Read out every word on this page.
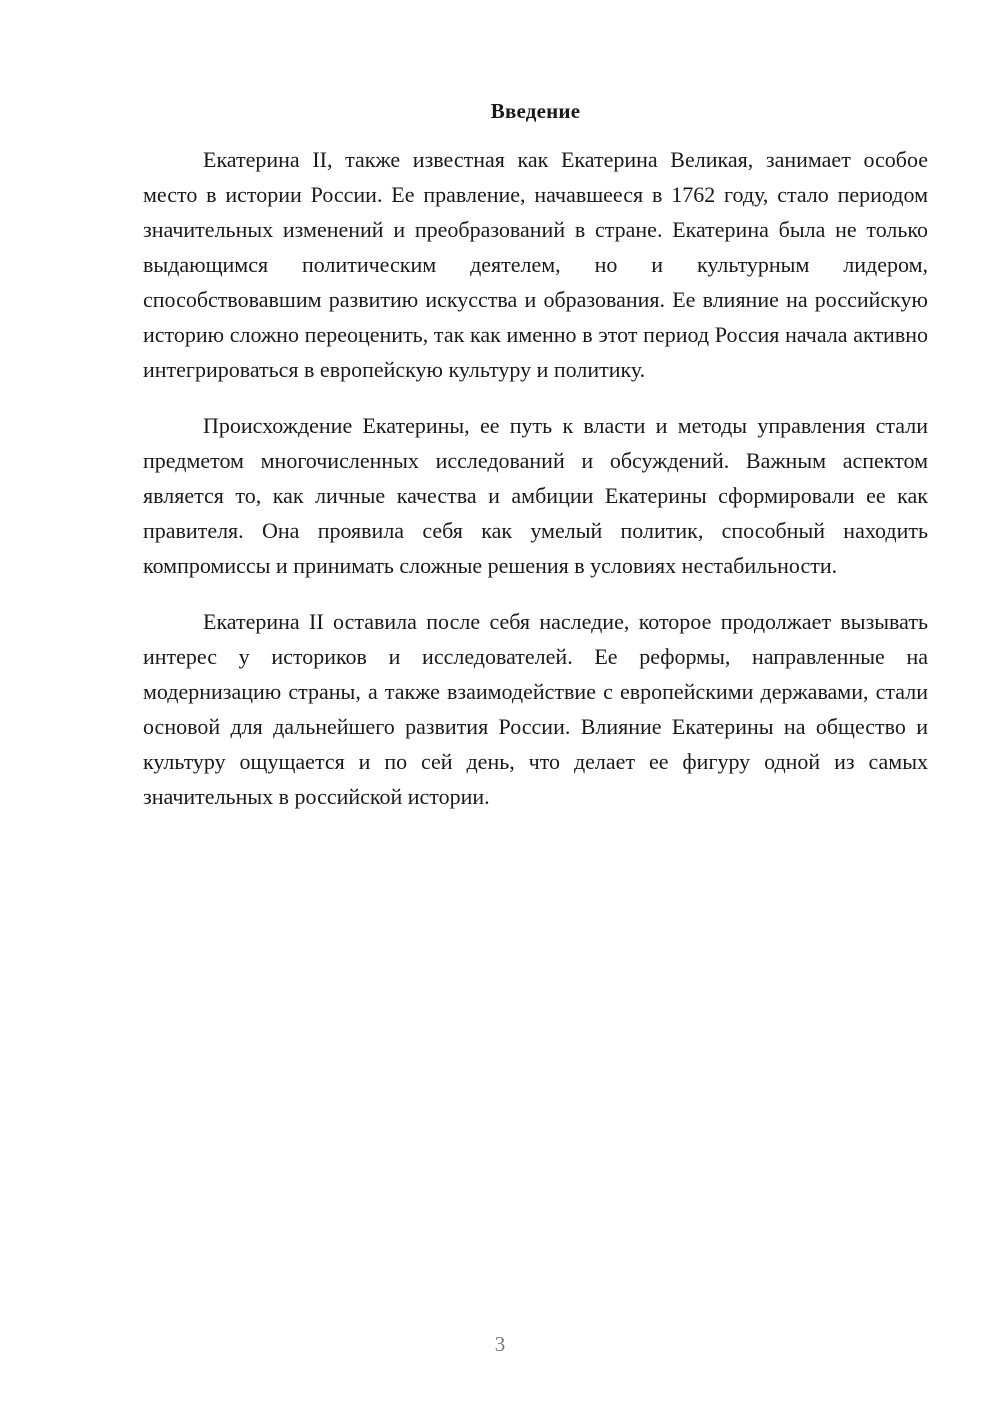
Введение

Екатерина II, также известная как Екатерина Великая, занимает особое место в истории России. Ее правление, начавшееся в 1762 году, стало периодом значительных изменений и преобразований в стране. Екатерина была не только выдающимся политическим деятелем, но и культурным лидером, способствовавшим развитию искусства и образования. Ее влияние на российскую историю сложно переоценить, так как именно в этот период Россия начала активно интегрироваться в европейскую культуру и политику.

Происхождение Екатерины, ее путь к власти и методы управления стали предметом многочисленных исследований и обсуждений. Важным аспектом является то, как личные качества и амбиции Екатерины сформировали ее как правителя. Она проявила себя как умелый политик, способный находить компромиссы и принимать сложные решения в условиях нестабильности.

Екатерина II оставила после себя наследие, которое продолжает вызывать интерес у историков и исследователей. Ее реформы, направленные на модернизацию страны, а также взаимодействие с европейскими державами, стали основой для дальнейшего развития России. Влияние Екатерины на общество и культуру ощущается и по сей день, что делает ее фигуру одной из самых значительных в российской истории.

3
